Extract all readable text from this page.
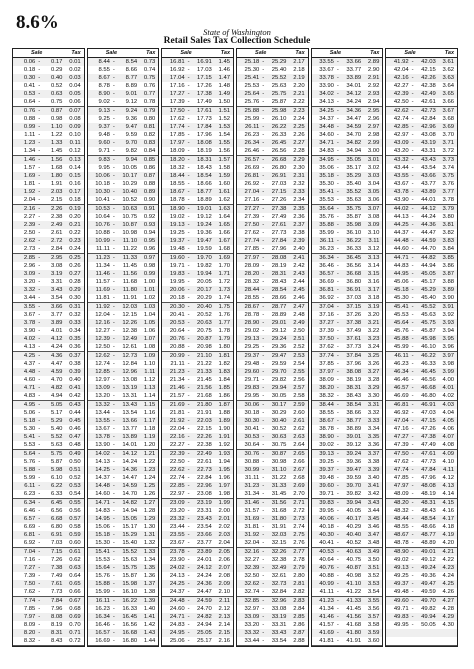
8.6%	State of Washington
Retail Sales Tax Collection Schedule
Sale	Tax
0.06 -	0.17	0.01
0.18 -	0.29	0.02
0.30 -	0.40	0.03
0.41 -	0.52	0.04
0.53 -	0.63	0.05
0.64 -	0.75	0.06
0.76 -	0.87	0.07
0.88 -	0.98	0.08
0.99 -	1.10	0.09
1.11 -	1.22	0.10
1.23 -	1.33	0.11
1.34 -	1.45	0.12
1.46 -	1.56	0.13
1.57 -	1.68	0.14
1.69 -	1.80	0.15
1.81 -	1.91	0.16
1.92 -	2.03	0.17
2.04 -	2.15	0.18
2.16 -	2.26	0.19
2.27 -	2.38	0.20
2.39 -	2.49	0.21
2.50 -	2.61	0.22
2.62 -	2.72	0.23
2.73 -	2.84	0.24
2.85 -	2.95	0.25
2.96 -	3.08	0.26
3.09 -	3.19	0.27
3.20 -	3.31	0.28
3.32 -	3.43	0.29
3.44 -	3.54	0.30
3.55 -	3.66	0.31
3.67 -	3.77	0.32
3.78 -	3.89	0.33
3.90 -	4.01	0.34
4.02 -	4.12	0.35
4.13 -	4.24	0.36
4.25 -	4.36	0.37
4.37 -	4.47	0.38
4.48 -	4.59	0.39
4.60 -	4.70	0.40
4.71 -	4.82	0.41
4.83 -	4.94	0.42
4.95 -	5.05	0.43
5.06 -	5.17	0.44
5.18 -	5.29	0.45
5.30 -	5.40	0.46
5.41 -	5.52	0.47
5.53 -	5.63	0.48
5.64 -	5.75	0.49
5.76 -	5.87	0.50
5.88 -	5.98	0.51
5.99 -	6.10	0.52
6.11 -	6.22	0.53
6.23 -	6.33	0.54
6.34 -	6.45	0.55
6.46 -	6.56	0.56
6.57 -	6.68	0.57
6.69 -	6.80	0.58
6.81 -	6.91	0.59
6.92 -	7.03	0.60
7.04 -	7.15	0.61
7.16 -	7.26	0.62
7.27 -	7.38	0.63
7.39 -	7.49	0.64
7.50 -	7.61	0.65
7.62 -	7.73	0.66
7.74 -	7.84	0.67
7.85 -	7.96	0.68
7.97 -	8.08	0.69
8.09 -	8.19	0.70
8.20 -	8.31	0.71
8.32 -	8.43	0.72
Sale	Tax
8.44 -	8.54	0.73
8.55 -	8.66	0.74
8.67 -	8.77	0.75
8.78 -	8.89	0.76
8.90 -	9.01	0.77
9.02 -	9.12	0.78
9.13 -	9.24	0.79
9.25 -	9.36	0.80
9.37 -	9.47	0.81
9.48 -	9.59	0.82
9.60 -	9.70	0.83
9.71 -	9.82	0.84
9.83 -	9.94	0.85
9.95 -	10.05	0.86
10.06 -	10.17	0.87
10.18 -	10.29	0.88
10.30 -	10.40	0.89
10.41 -	10.52	0.90
10.53 -	10.63	0.91
10.64 -	10.75	0.92
10.76 -	10.87	0.93
10.88 -	10.98	0.94
10.99 -	11.10	0.95
11.11 -	11.22	0.96
11.23 -	11.33	0.97
11.34 -	11.45	0.98
11.46 -	11.56	0.99
11.57 -	11.68	1.00
11.69 -	11.80	1.01
11.81 -	11.91	1.02
11.92 -	12.03	1.03
12.04 -	12.15	1.04
12.16 -	12.26	1.05
12.27 -	12.38	1.06
12.39 -	12.49	1.07
12.50 -	12.61	1.08
12.62 -	12.73	1.09
12.74 -	12.84	1.10
12.85 -	12.96	1.11
12.97 -	13.08	1.12
13.09 -	13.19	1.13
13.20 -	13.31	1.14
13.32 -	13.43	1.15
13.44 -	13.54	1.16
13.55 -	13.66	1.17
13.67 -	13.77	1.18
13.78 -	13.89	1.19
13.90 -	14.01	1.20
14.02 -	14.12	1.21
14.13 -	14.24	1.22
14.25 -	14.36	1.23
14.37 -	14.47	1.24
14.48 -	14.59	1.25
14.60 -	14.70	1.26
14.71 -	14.82	1.27
14.83 -	14.94	1.28
14.95 -	15.05	1.29
15.06 -	15.17	1.30
15.18 -	15.29	1.31
15.30 -	15.40	1.32
15.41 -	15.52	1.33
15.53 -	15.63	1.34
15.64 -	15.75	1.35
15.76 -	15.87	1.36
15.88 -	15.98	1.37
15.99 -	16.10	1.38
16.11 -	16.22	1.39
16.23 -	16.33	1.40
16.34 -	16.45	1.41
16.46 -	16.56	1.42
16.57 -	16.68	1.43
16.69 -	16.80	1.44
Sale	Tax
16.81 -	16.91	1.45
16.92 -	17.03	1.46
17.04 -	17.15	1.47
17.16 -	17.26	1.48
17.27 -	17.38	1.49
17.39 -	17.49	1.50
17.50 -	17.61	1.51
17.62 -	17.73	1.52
17.74 -	17.84	1.53
17.85 -	17.96	1.54
17.97 -	18.08	1.55
18.09 -	18.19	1.56
18.20 -	18.31	1.57
18.32 -	18.43	1.58
18.44 -	18.54	1.59
18.55 -	18.66	1.60
18.67 -	18.77	1.61
18.78 -	18.89	1.62
18.90 -	19.01	1.63
19.02 -	19.12	1.64
19.13 -	19.24	1.65
19.25 -	19.36	1.66
19.37 -	19.47	1.67
19.48 -	19.59	1.68
19.60 -	19.70	1.69
19.71 -	19.82	1.70
19.83 -	19.94	1.71
19.95 -	20.05	1.72
20.06 -	20.17	1.73
20.18 -	20.29	1.74
20.30 -	20.40	1.75
20.41 -	20.52	1.76
20.53 -	20.63	1.77
20.64 -	20.75	1.78
20.76 -	20.87	1.79
20.88 -	20.98	1.80
20.99 -	21.10	1.81
21.11 -	21.22	1.82
21.23 -	21.33	1.83
21.34 -	21.45	1.84
21.46 -	21.56	1.85
21.57 -	21.68	1.86
21.69 -	21.80	1.87
21.81 -	21.91	1.88
21.92 -	22.03	1.89
22.04 -	22.15	1.90
22.16 -	22.26	1.91
22.27 -	22.38	1.92
22.39 -	22.49	1.93
22.50 -	22.61	1.94
22.62 -	22.73	1.95
22.74 -	22.84	1.96
22.85 -	22.96	1.97
22.97 -	23.08	1.98
23.09 -	23.19	1.99
23.20 -	23.31	2.00
23.32 -	23.43	2.01
23.44 -	23.54	2.02
23.55 -	23.66	2.03
23.67 -	23.77	2.04
23.78 -	23.89	2.05
23.90 -	24.01	2.06
24.02 -	24.12	2.07
24.13 -	24.24	2.08
24.25 -	24.36	2.09
24.37 -	24.47	2.10
24.48 -	24.59	2.11
24.60 -	24.70	2.12
24.71 -	24.82	2.13
24.83 -	24.94	2.14
24.95 -	25.05	2.15
25.06 -	25.17	2.16
Sale	Tax
25.18 -	25.29	2.17
25.30 -	25.40	2.18
25.41 -	25.52	2.19
25.53 -	25.63	2.20
25.64 -	25.75	2.21
25.76 -	25.87	2.22
25.88 -	25.98	2.23
25.99 -	26.10	2.24
26.11 -	26.22	2.25
26.23 -	26.33	2.26
26.34 -	26.45	2.27
26.46 -	26.56	2.28
26.57 -	26.68	2.29
26.69 -	26.80	2.30
26.81 -	26.91	2.31
26.92 -	27.03	2.32
27.04 -	27.15	2.33
27.16 -	27.26	2.34
27.27 -	27.38	2.35
27.39 -	27.49	2.36
27.50 -	27.61	2.37
27.62 -	27.73	2.38
27.74 -	27.84	2.39
27.85 -	27.96	2.40
27.97 -	28.08	2.41
28.09 -	28.19	2.42
28.20 -	28.31	2.43
28.32 -	28.43	2.44
28.44 -	28.54	2.45
28.55 -	28.66	2.46
28.67 -	28.77	2.47
28.78 -	28.89	2.48
28.90 -	29.01	2.49
29.02 -	29.12	2.50
29.13 -	29.24	2.51
29.25 -	29.36	2.52
29.37 -	29.47	2.53
29.48 -	29.59	2.54
29.60 -	29.70	2.55
29.71 -	29.82	2.56
29.83 -	29.94	2.57
29.95 -	30.05	2.58
30.06 -	30.17	2.59
30.18 -	30.29	2.60
30.30 -	30.40	2.61
30.41 -	30.52	2.62
30.53 -	30.63	2.63
30.64 -	30.75	2.64
30.76 -	30.87	2.65
30.88 -	30.98	2.66
30.99 -	31.10	2.67
31.11 -	31.22	2.68
31.23 -	31.33	2.69
31.34 -	31.45	2.70
31.46 -	31.56	2.71
31.57 -	31.68	2.72
31.69 -	31.80	2.73
31.81 -	31.91	2.74
31.92 -	32.03	2.75
32.04 -	32.15	2.76
32.16 -	32.26	2.77
32.27 -	32.38	2.78
32.39 -	32.49	2.79
32.50 -	32.61	2.80
32.62 -	32.73	2.81
32.74 -	32.84	2.82
32.85 -	32.96	2.83
32.97 -	33.08	2.84
33.09 -	33.19	2.85
33.20 -	33.31	2.86
33.32 -	33.43	2.87
33.44 -	33.54	2.88
Sale	Tax
33.55 -	33.66	2.89
33.67 -	33.77	2.90
33.78 -	33.89	2.91
33.90 -	34.01	2.92
34.02 -	34.12	2.93
34.13 -	34.24	2.94
34.25 -	34.36	2.95
34.37 -	34.47	2.96
34.48 -	34.59	2.97
34.60 -	34.70	2.98
34.71 -	34.82	2.99
34.83 -	34.94	3.00
34.95 -	35.05	3.01
35.06 -	35.17	3.02
35.18 -	35.29	3.03
35.30 -	35.40	3.04
35.41 -	35.52	3.05
35.53 -	35.63	3.06
35.64 -	35.75	3.07
35.76 -	35.87	3.08
35.88 -	35.98	3.09
35.99 -	36.10	3.10
36.11 -	36.22	3.11
36.23 -	36.33	3.12
36.34 -	36.45	3.13
36.46 -	36.56	3.14
36.57 -	36.68	3.15
36.69 -	36.80	3.16
36.81 -	36.91	3.17
36.92 -	37.03	3.18
37.04 -	37.15	3.19
37.16 -	37.26	3.20
37.27 -	37.38	3.21
37.39 -	37.49	3.22
37.50 -	37.61	3.23
37.62 -	37.73	3.24
37.74 -	37.84	3.25
37.85 -	37.96	3.26
37.97 -	38.08	3.27
38.09 -	38.19	3.28
38.20 -	38.31	3.29
38.32 -	38.43	3.30
38.44 -	38.54	3.31
38.55 -	38.66	3.32
38.67 -	38.77	3.33
38.78 -	38.89	3.34
38.90 -	39.01	3.35
39.02 -	39.12	3.36
39.13 -	39.24	3.37
39.25 -	39.36	3.38
39.37 -	39.47	3.39
39.48 -	39.59	3.40
39.60 -	39.70	3.41
39.71 -	39.82	3.42
39.83 -	39.94	3.43
39.95 -	40.05	3.44
40.06 -	40.17	3.45
40.18 -	40.29	3.46
40.30 -	40.40	3.47
40.41 -	40.52	3.48
40.53 -	40.63	3.49
40.64 -	40.75	3.50
40.76 -	40.87	3.51
40.88 -	40.98	3.52
40.99 -	41.10	3.53
41.11 -	41.22	3.54
41.23 -	41.33	3.55
41.34 -	41.45	3.56
41.46 -	41.56	3.57
41.57 -	41.68	3.58
41.69 -	41.80	3.59
41.81 -	41.91	3.60
Sale	Tax
41.92 -	42.03	3.61
42.04 -	42.15	3.62
42.16 -	42.26	3.63
42.27 -	42.38	3.64
42.39 -	42.49	3.65
42.50 -	42.61	3.66
42.62 -	42.73	3.67
42.74 -	42.84	3.68
42.85 -	42.96	3.69
42.97 -	43.08	3.70
43.09 -	43.19	3.71
43.20 -	43.31	3.72
43.32 -	43.43	3.73
43.44 -	43.54	3.74
43.55 -	43.66	3.75
43.67 -	43.77	3.76
43.78 -	43.89	3.77
43.90 -	44.01	3.78
44.02 -	44.12	3.79
44.13 -	44.24	3.80
44.25 -	44.36	3.81
44.37 -	44.47	3.82
44.48 -	44.59	3.83
44.60 -	44.70	3.84
44.71 -	44.82	3.85
44.83 -	44.94	3.86
44.95 -	45.05	3.87
45.06 -	45.17	3.88
45.18 -	45.29	3.89
45.30 -	45.40	3.90
45.41 -	45.52	3.91
45.53 -	45.63	3.92
45.64 -	45.75	3.93
45.76 -	45.87	3.94
45.88 -	45.98	3.95
45.99 -	46.10	3.96
46.11 -	46.22	3.97
46.23 -	46.33	3.98
46.34 -	46.45	3.99
46.46 -	46.56	4.00
46.57 -	46.68	4.01
46.69 -	46.80	4.02
46.81 -	46.91	4.03
46.92 -	47.03	4.04
47.04 -	47.15	4.05
47.16 -	47.26	4.06
47.27 -	47.38	4.07
47.39 -	47.49	4.08
47.50 -	47.61	4.09
47.62 -	47.73	4.10
47.74 -	47.84	4.11
47.85 -	47.96	4.12
47.97 -	48.08	4.13
48.09 -	48.19	4.14
48.20 -	48.31	4.15
48.32 -	48.43	4.16
48.44 -	48.54	4.17
48.55 -	48.66	4.18
48.67 -	48.77	4.19
48.78 -	48.89	4.20
48.90 -	49.01	4.21
49.02 -	49.12	4.22
49.13 -	49.24	4.23
49.25 -	49.36	4.24
49.37 -	49.47	4.25
49.48 -	49.59	4.26
49.60 -	49.70	4.27
49.71 -	49.82	4.28
49.83 -	49.94	4.29
49.95 -	50.05	4.30
